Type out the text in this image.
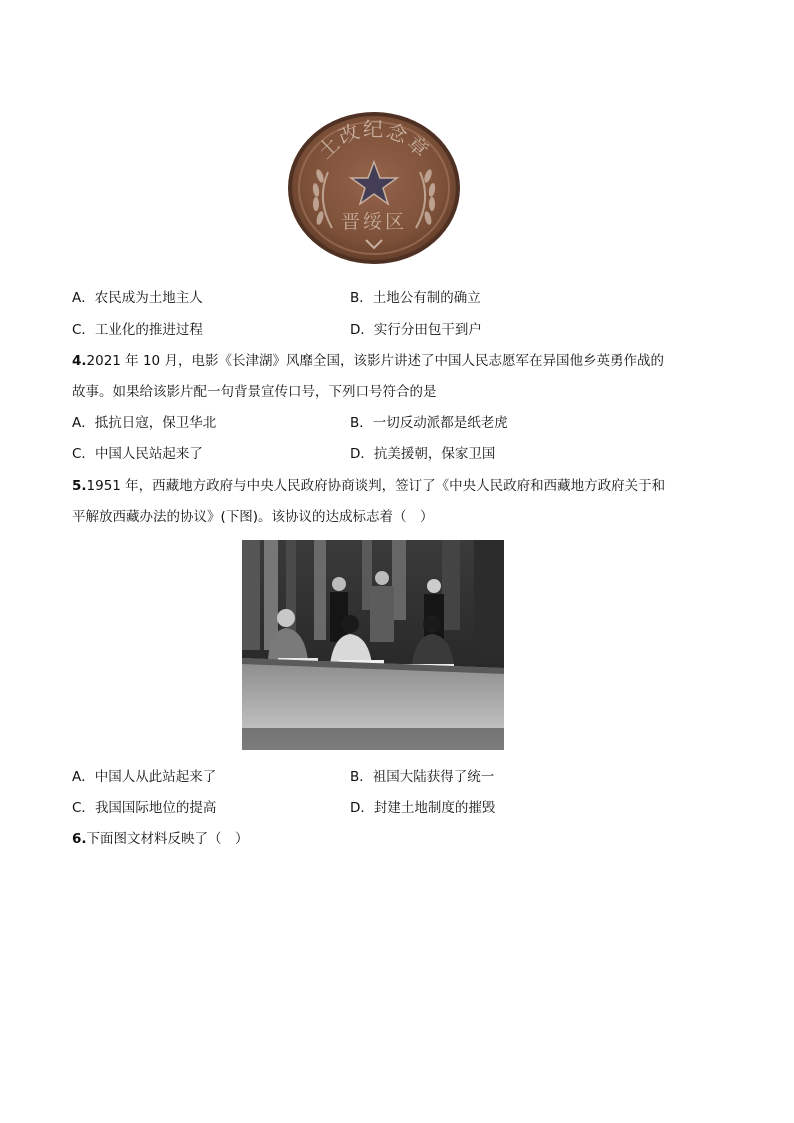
土改纪念章
晋绥区
A．农民成为土地主人	B．土地公有制的确立
C．工业化的推进过程	D．实行分田包干到户
4.2021 年 10 月，电影《长津湖》风靡全国，该影片讲述了中国人民志愿军在异国他乡英勇作战的
故事。如果给该影片配一句背景宣传口号，下列口号符合的是
A．抵抗日寇，保卫华北	B．一切反动派都是纸老虎
C．中国人民站起来了	D．抗美援朝，保家卫国
5.1951 年，西藏地方政府与中央人民政府协商谈判，签订了《中央人民政府和西藏地方政府关于和
平解放西藏办法的协议》(下图)。该协议的达成标志着（　）
A．中国人从此站起来了	B．祖国大陆获得了统一
C．我国国际地位的提高	D．封建土地制度的摧毁
6.下面图文材料反映了（　）
